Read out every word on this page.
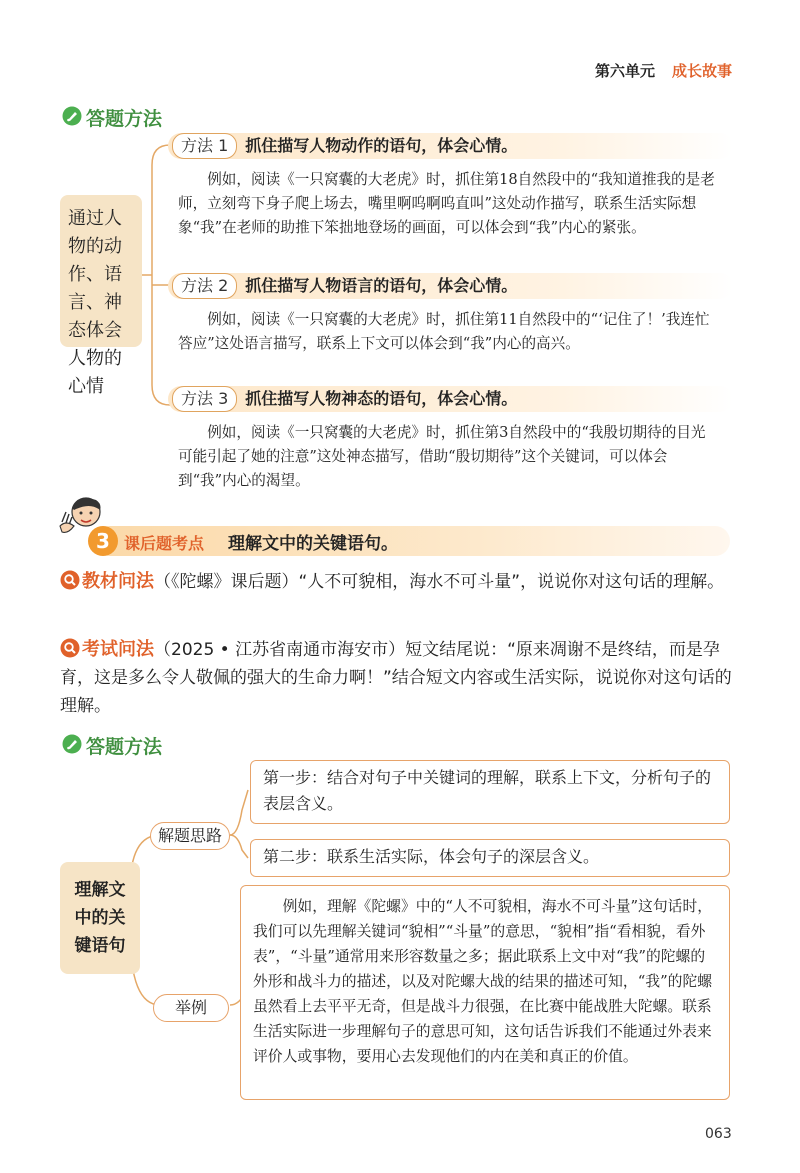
第六单元 成长故事
答题方法
通过人物的动作、语言、神态体会人物的心情
方法 1 抓住描写人物动作的语句，体会心情。
例如，阅读《一只窝囊的大老虎》时，抓住第18自然段中的“我知道推我的是老师，立刻弯下身子爬上场去，嘴里啊呜啊呜直叫”这处动作描写，联系生活实际想象“我”在老师的助推下笨拙地登场的画面，可以体会到“我”内心的紧张。
方法 2 抓住描写人物语言的语句，体会心情。
例如，阅读《一只窝囊的大老虎》时，抓住第11自然段中的“‘记住了！’我连忙答应”这处语言描写，联系上下文可以体会到“我”内心的高兴。
方法 3 抓住描写人物神态的语句，体会心情。
例如，阅读《一只窝囊的大老虎》时，抓住第3自然段中的“我殷切期待的目光可能引起了她的注意”这处神态描写，借助“殷切期待”这个关键词，可以体会到“我”内心的渴望。
3 课后题考点 理解文中的关键语句。
教材问法（《陀螺》课后题）“人不可貌相，海水不可斗量”，说说你对这句话的理解。
考试问法（2025 • 江苏省南通市海安市）短文结尾说：“原来凋谢不是终结，而是孕育，这是多么令人敬佩的强大的生命力啊！”结合短文内容或生活实际，说说你对这句话的理解。
答题方法
理解文中的关键语句
解题思路
举例
第一步：结合对句子中关键词的理解，联系上下文，分析句子的表层含义。
第二步：联系生活实际，体会句子的深层含义。
例如，理解《陀螺》中的“人不可貌相，海水不可斗量”这句话时，我们可以先理解关键词“貌相”“斗量”的意思，“貌相”指“看相貌，看外表”，“斗量”通常用来形容数量之多；据此联系上文中对“我”的陀螺的外形和战斗力的描述，以及对陀螺大战的结果的描述可知，“我”的陀螺虽然看上去平平无奇，但是战斗力很强，在比赛中能战胜大陀螺。联系生活实际进一步理解句子的意思可知，这句话告诉我们不能通过外表来评价人或事物，要用心去发现他们的内在美和真正的价值。
063
